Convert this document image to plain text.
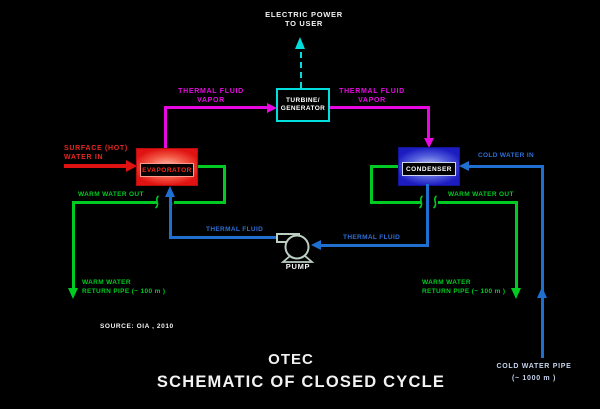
ELECTRIC POWER
TO USER
TURBINE/
GENERATOR
THERMAL FLUID
VAPOR
THERMAL FLUID
VAPOR
SURFACE (HOT)
WATER IN
EVAPORATOR	CONDENSER
COLD WATER IN
COLD WATER PIPE
(~ 1000 m )
WARM WATER OUT
WARM WATER
RETURN PIPE (~ 100 m )
WARM WATER OUT
WARM WATER
RETURN PIPE (~ 100 m )
THERMAL FLUID
THERMAL FLUID
PUMP
SOURCE: OIA , 2010
OTEC
SCHEMATIC OF CLOSED CYCLE
